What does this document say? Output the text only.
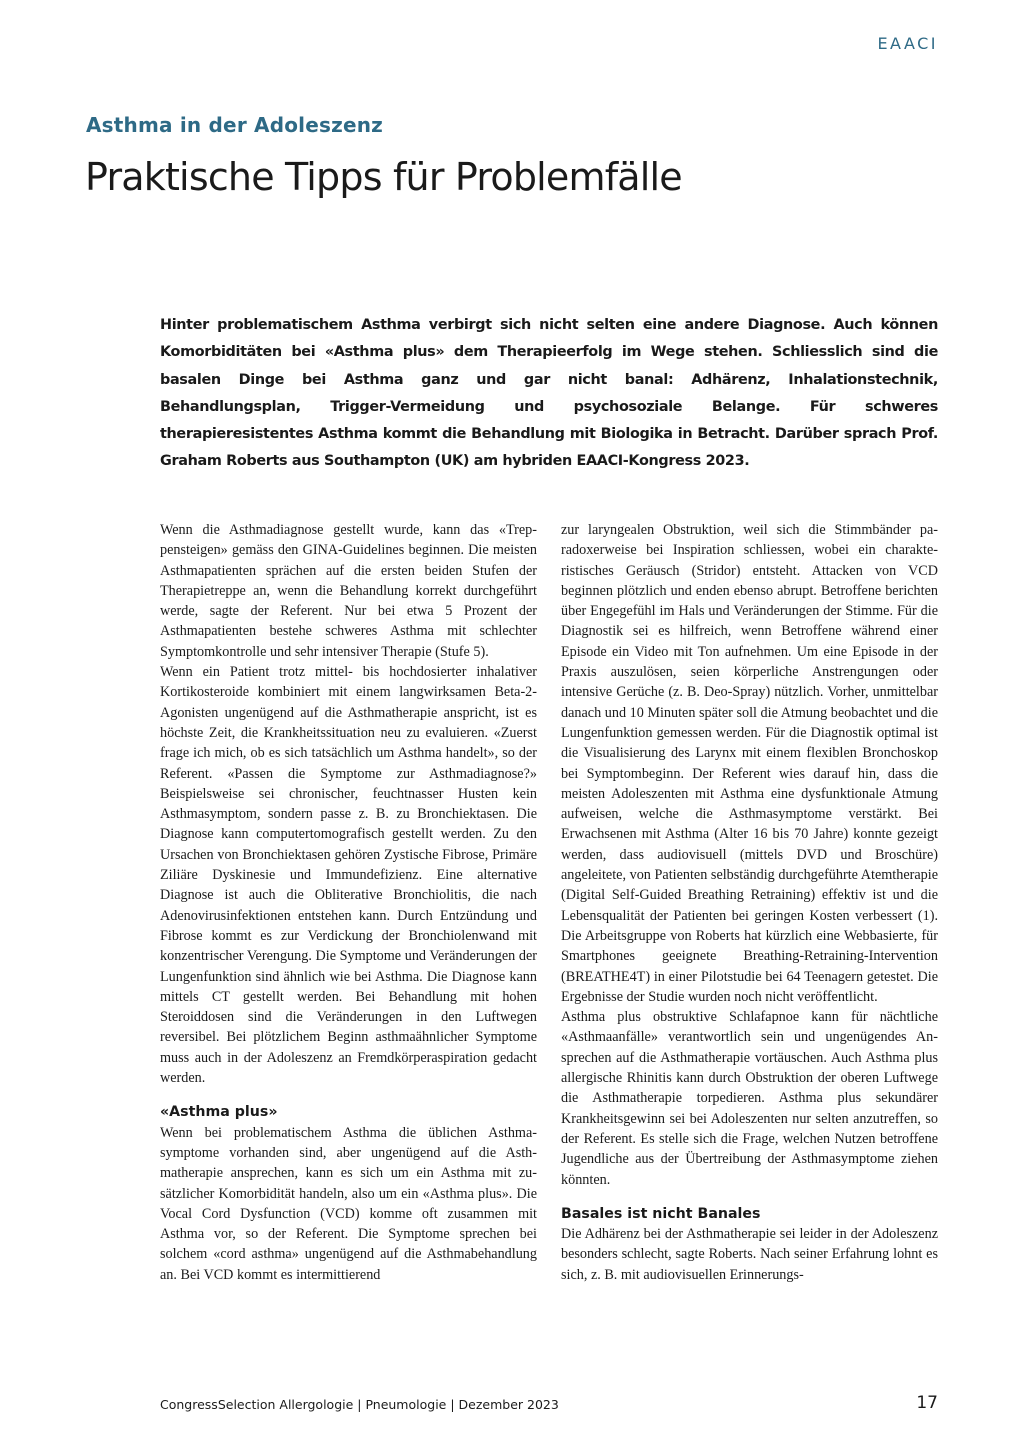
EAACI
Asthma in der Adoleszenz
Praktische Tipps für Problemfälle

Hinter problematischem Asthma verbirgt sich nicht selten eine andere Diagnose. Auch können Komorbiditäten bei «Asthma plus» dem Therapieerfolg im Wege stehen. Schliesslich sind die basalen Dinge bei Asthma ganz und gar nicht banal: Adhärenz, Inhalationstechnik, Behandlungsplan, Trigger-Vermeidung und psychosoziale Belange. Für schweres therapieresistentes Asthma kommt die Behandlung mit Biologika in Betracht. Darüber sprach Prof. Graham Roberts aus Southampton (UK) am hybriden EAACI-Kongress 2023.

Wenn die Asthmadiagnose gestellt wurde, kann das «Treppensteigen» gemäss den GINA-Guidelines beginnen. Die meisten Asthmapatienten sprächen auf die ersten beiden Stufen der Therapietreppe an, wenn die Behandlung korrekt durchgeführt werde, sagte der Referent. Nur bei etwa 5 Prozent der Asthmapatienten bestehe schweres Asthma mit schlechter Symptomkontrolle und sehr intensiver Therapie (Stufe 5).

Wenn ein Patient trotz mittel- bis hochdosierter inhalativer Kortikosteroide kombiniert mit einem langwirksamen Beta-2-Agonisten ungenügend auf die Asthmatherapie anspricht, ist es höchste Zeit, die Krankheitssituation neu zu evaluieren. «Zuerst frage ich mich, ob es sich tatsächlich um Asthma handelt», so der Referent. «Passen die Symptome zur Asthmadiagnose?» Beispielsweise sei chronischer, feuchtnasser Husten kein Asthmasymptom, sondern passe z. B. zu Bronchiektasen. Die Diagnose kann computertomografisch gestellt werden. Zu den Ursachen von Bronchiektasen gehören Zystische Fibrose, Primäre Ziliäre Dyskinesie und Immundefizienz. Eine alternative Diagnose ist auch die Obliterative Bronchiolitis, die nach Adenovirusinfektionen entstehen kann. Durch Entzündung und Fibrose kommt es zur Verdickung der Bronchiolenwand mit konzentrischer Verengung. Die Symptome und Veränderungen der Lungenfunktion sind ähnlich wie bei Asthma. Die Diagnose kann mittels CT gestellt werden. Bei Behandlung mit hohen Steroiddosen sind die Veränderungen in den Luftwegen reversibel. Bei plötzlichem Beginn asthmaähnlicher Symptome muss auch in der Adoleszenz an Fremdkörperaspiration gedacht werden.

«Asthma plus»

Wenn bei problematischem Asthma die üblichen Asthmasymptome vorhanden sind, aber ungenügend auf die Asthmatherapie ansprechen, kann es sich um ein Asthma mit zusätzlicher Komorbidität handeln, also um ein «Asthma plus». Die Vocal Cord Dysfunction (VCD) komme oft zusammen mit Asthma vor, so der Referent. Die Symptome sprechen bei solchem «cord asthma» ungenügend auf die Asthmabehandlung an. Bei VCD kommt es intermittierend

zur laryngealen Obstruktion, weil sich die Stimmbänder paradoxerweise bei Inspiration schliessen, wobei ein charakteristisches Geräusch (Stridor) entsteht. Attacken von VCD beginnen plötzlich und enden ebenso abrupt. Betroffene berichten über Engegefühl im Hals und Veränderungen der Stimme. Für die Diagnostik sei es hilfreich, wenn Betroffene während einer Episode ein Video mit Ton aufnehmen. Um eine Episode in der Praxis auszulösen, seien körperliche Anstrengungen oder intensive Gerüche (z. B. Deo-Spray) nützlich. Vorher, unmittelbar danach und 10 Minuten später soll die Atmung beobachtet und die Lungenfunktion gemessen werden. Für die Diagnostik optimal ist die Visualisierung des Larynx mit einem flexiblen Bronchoskop bei Symptombeginn. Der Referent wies darauf hin, dass die meisten Adoleszenten mit Asthma eine dysfunktionale Atmung aufweisen, welche die Asthmasymptome verstärkt. Bei Erwachsenen mit Asthma (Alter 16 bis 70 Jahre) konnte gezeigt werden, dass audiovisuell (mittels DVD und Broschüre) angeleitete, von Patienten selbständig durchgeführte Atemtherapie (Digital Self-Guided Breathing Retraining) effektiv ist und die Lebensqualität der Patienten bei geringen Kosten verbessert (1). Die Arbeitsgruppe von Roberts hat kürzlich eine Webbasierte, für Smartphones geeignete Breathing-Retraining-Intervention (BREATHE4T) in einer Pilotstudie bei 64 Teenagern getestet. Die Ergebnisse der Studie wurden noch nicht veröffentlicht.

Asthma plus obstruktive Schlafapnoe kann für nächtliche «Asthmaanfälle» verantwortlich sein und ungenügendes Ansprechen auf die Asthmatherapie vortäuschen. Auch Asthma plus allergische Rhinitis kann durch Obstruktion der oberen Luftwege die Asthmatherapie torpedieren. Asthma plus sekundärer Krankheitsgewinn sei bei Adoleszenten nur selten anzutreffen, so der Referent. Es stelle sich die Frage, welchen Nutzen betroffene Jugendliche aus der Übertreibung der Asthmasymptome ziehen könnten.

Basales ist nicht Banales

Die Adhärenz bei der Asthmatherapie sei leider in der Adoleszenz besonders schlecht, sagte Roberts. Nach seiner Erfahrung lohnt es sich, z. B. mit audiovisuellen Erinnerungs-

CongressSelection Allergologie | Pneumologie | Dezember 2023	17
